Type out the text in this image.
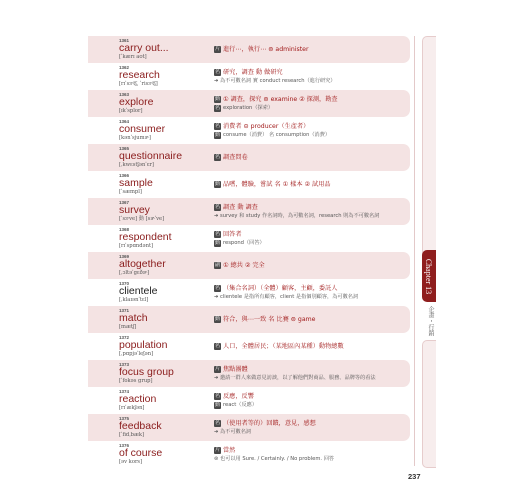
1361
carry out...
[ˈkærɪ aʊt]
片 進行⋯，執行⋯ ⊜ administer
1362
research
[rɪˈsɝtʃ, ˈrisɝtʃ]
名 研究，調查 動 做研究
➜ 為不可數名詞 實 conduct research（進行研究）
1363
explore
[ɪkˈsplor]
動 ① 調查，探究 ⊜ examine ② 探測，勘查
名 exploration（探索）
1364
consumer
[kənˈsjumɚ]
名 消費者 ⊝ producer（生產者）
動 consume（消費） 名 consumption（消費）
1365
questionnaire
[ˌkwɛstʃənˈɛr]
名 調查問卷
1366
sample
[ˈsæmpl]
動 品嚐，體驗，嘗試 名 ① 樣本 ② 試用品
1367
survey
[ˈsɝve] 動 [sɚˈve]
名 調查 動 調查
➜ survey 和 study 作名詞時，為可數名詞，research 則為不可數名詞
1368
respondent
[rɪˈspɑndənt]
名 回答者
動 respond（回答）
1369
altogether
[ˌɔltəˈgɛðɚ]
副 ① 總共 ② 完全
1370
clientele
[ˌklaɪənˈtɛl]
名 （集合名詞）（全體）顧客，主顧，委託人
➜ clientele 是指所有顧客，client 是指個別顧客，為可數名詞
1371
match
[mætʃ]
動 符合，與⋯一致 名 比賽 ⊜ game
1372
population
[ˌpɑpjəˈleʃən]
名 人口，全體居民；（某地區內某種）動物總數
1373
focus group
[ˈfokəs grup]
片 焦點團體
➜ 邀請一群人來做意見訪談，以了解他們對商品、服務、品牌等的看法
1374
reaction
[rɪˈækʃən]
名 反應，反響
動 react（反應）
1375
feedback
[ˈfidˌbæk]
名 （使用者等的）回饋，意見，感想
➜ 為不可數名詞
1376
of course
[əv kors]
片 當然
⊜ 也可以用 Sure. / Certainly. / No problem. 回答
Chapter 13
企畫・行銷
237
